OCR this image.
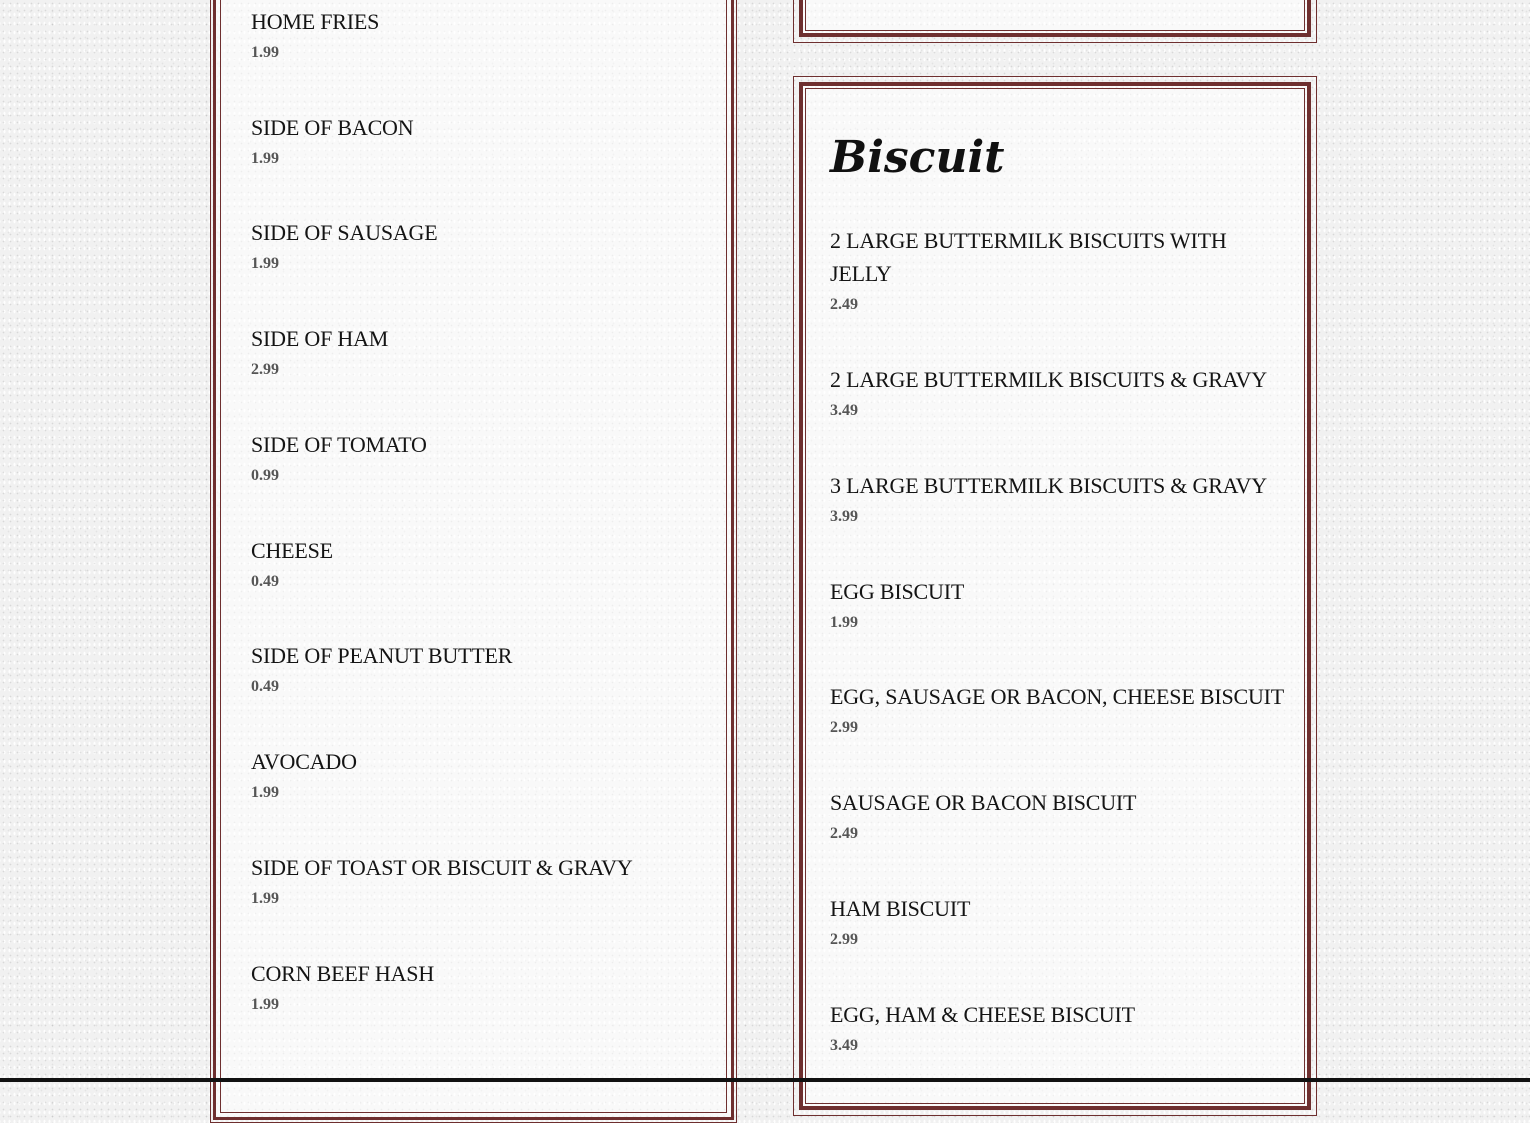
HOME FRIES
1.99
SIDE OF BACON
1.99
SIDE OF SAUSAGE
1.99
SIDE OF HAM
2.99
SIDE OF TOMATO
0.99
CHEESE
0.49
SIDE OF PEANUT BUTTER
0.49
AVOCADO
1.99
SIDE OF TOAST OR BISCUIT & GRAVY
1.99
CORN BEEF HASH
1.99
Biscuit
2 LARGE BUTTERMILK BISCUITS WITH JELLY
2.49
2 LARGE BUTTERMILK BISCUITS & GRAVY
3.49
3 LARGE BUTTERMILK BISCUITS & GRAVY
3.99
EGG BISCUIT
1.99
EGG, SAUSAGE OR BACON, CHEESE BISCUIT
2.99
SAUSAGE OR BACON BISCUIT
2.49
HAM BISCUIT
2.99
EGG, HAM & CHEESE BISCUIT
3.49
